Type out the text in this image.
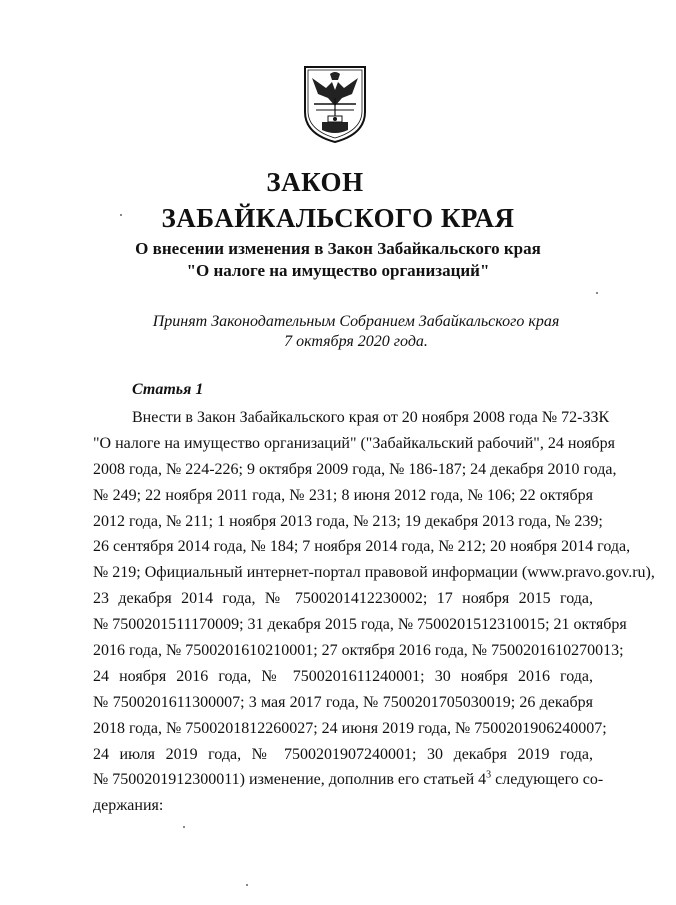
ЗАКОН
ЗАБАЙКАЛЬСКОГО КРАЯ
О внесении изменения в Закон Забайкальского края
"О налоге на имущество организаций"
Принят Законодательным Собранием Забайкальского края
7 октября 2020 года.
Статья 1
Внести в Закон Забайкальского края от 20 ноября 2008 года № 72-ЗЗК
"О налоге на имущество организаций" ("Забайкальский рабочий", 24 ноября
2008 года, № 224-226; 9 октября 2009 года, № 186-187; 24 декабря 2010 года,
№ 249; 22 ноября 2011 года, № 231; 8 июня 2012 года, № 106; 22 октября
2012 года, № 211; 1 ноября 2013 года, № 213; 19 декабря 2013 года, № 239;
26 сентября 2014 года, № 184; 7 ноября 2014 года, № 212; 20 ноября 2014 года,
№ 219; Официальный интернет-портал правовой информации (www.pravo.gov.ru),
23 декабря 2014 года, № 7500201412230002; 17 ноября 2015 года,
№ 7500201511170009; 31 декабря 2015 года, № 7500201512310015; 21 октября
2016 года, № 7500201610210001; 27 октября 2016 года, № 7500201610270013;
24 ноября 2016 года, № 7500201611240001; 30 ноября 2016 года,
№ 7500201611300007; 3 мая 2017 года, № 7500201705030019; 26 декабря
2018 года, № 7500201812260027; 24 июня 2019 года, № 7500201906240007;
24 июля 2019 года, № 7500201907240001; 30 декабря 2019 года,
№ 7500201912300011) изменение, дополнив его статьей $4^3$ следующего со-
держания:
